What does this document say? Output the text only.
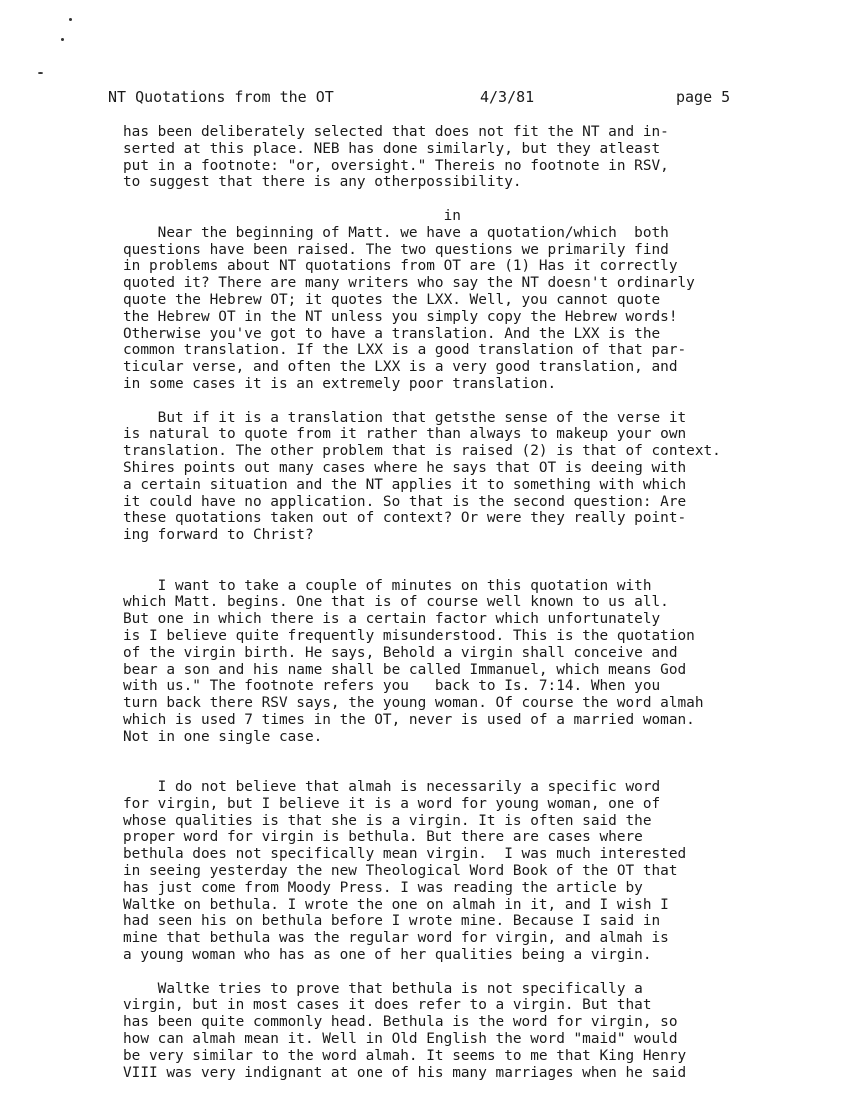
NT Quotations from the OT

	4/3/81

	page 5

has been deliberately selected that does not fit the NT and in-
serted at this place. NEB has done similarly, but they atleast
put in a footnote: "or, oversight." Thereis no footnote in RSV,
to suggest that there is any otherpossibility.
in
Near the beginning of Matt. we have a quotation/which  both
questions have been raised. The two questions we primarily find
in problems about NT quotations from OT are (1) Has it correctly
quoted it? There are many writers who say the NT doesn't ordinarly
quote the Hebrew OT; it quotes the LXX. Well, you cannot quote
the Hebrew OT in the NT unless you simply copy the Hebrew words!
Otherwise you've got to have a translation. And the LXX is the
common translation. If the LXX is a good translation of that par-
ticular verse, and often the LXX is a very good translation, and
in some cases it is an extremely poor translation.
But if it is a translation that getsthe sense of the verse it
is natural to quote from it rather than always to makeup your own
translation. The other problem that is raised (2) is that of context.
Shires points out many cases where he says that OT is deeing with
a certain situation and the NT applies it to something with which
it could have no application. So that is the second question: Are
these quotations taken out of context? Or were they really point-
ing forward to Christ?
I want to take a couple of minutes on this quotation with
which Matt. begins. One that is of course well known to us all.
But one in which there is a certain factor which unfortunately
is I believe quite frequently misunderstood. This is the quotation
of the virgin birth. He says, Behold a virgin shall conceive and
bear a son and his name shall be called Immanuel, which means God
with us." The footnote refers you   back to Is. 7:14. When you
turn back there RSV says, the young woman. Of course the word almah
which is used 7 times in the OT, never is used of a married woman.
Not in one single case.
I do not believe that almah is necessarily a specific word
for virgin, but I believe it is a word for young woman, one of
whose qualities is that she is a virgin. It is often said the
proper word for virgin is bethula. But there are cases where
bethula does not specifically mean virgin.  I was much interested
in seeing yesterday the new Theological Word Book of the OT that
has just come from Moody Press. I was reading the article by
Waltke on bethula. I wrote the one on almah in it, and I wish I
had seen his on bethula before I wrote mine. Because I said in
mine that bethula was the regular word for virgin, and almah is
a young woman who has as one of her qualities being a virgin.
Waltke tries to prove that bethula is not specifically a
virgin, but in most cases it does refer to a virgin. But that
has been quite commonly head. Bethula is the word for virgin, so
how can almah mean it. Well in Old English the word "maid" would
be very similar to the word almah. It seems to me that King Henry
VIII was very indignant at one of his many marriages when he said
